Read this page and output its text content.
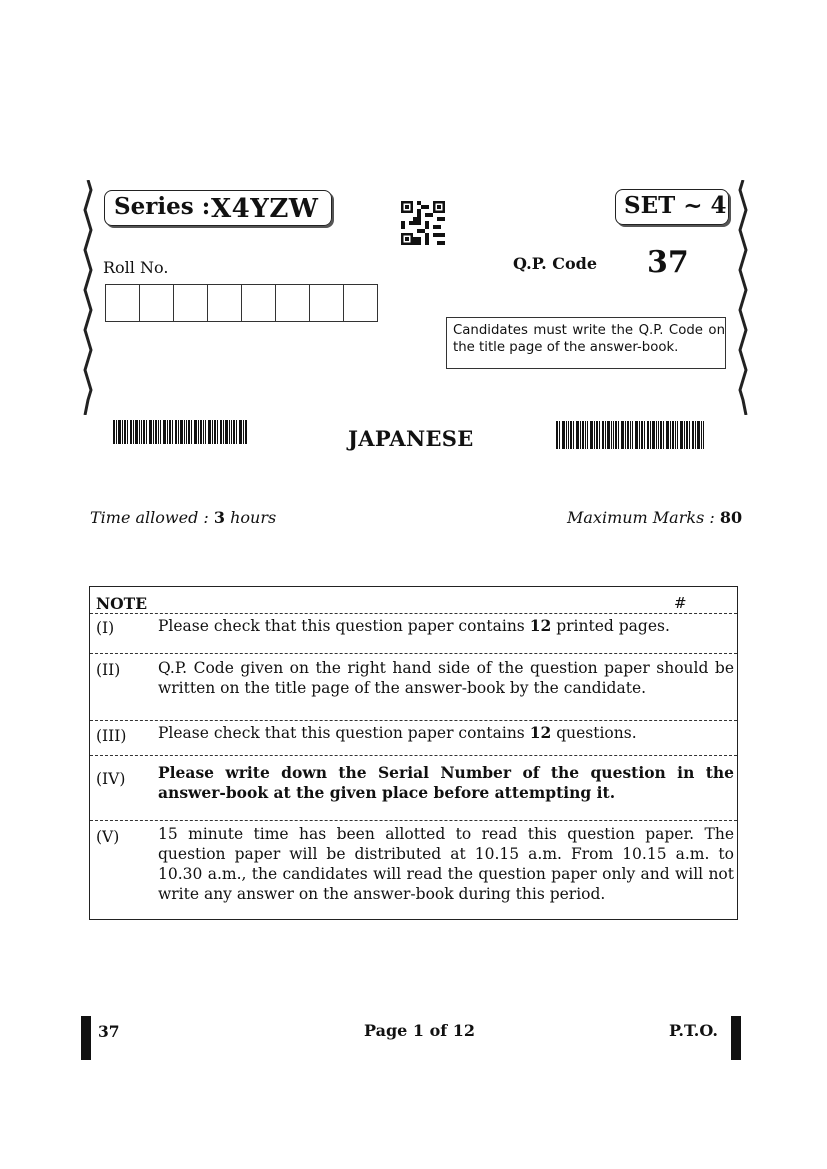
Series : X4YZW	SET ~ 4
Roll No.	Q.P. Code 37
Candidates must write the Q.P. Code on the title page of the answer-book.
JAPANESE
Time allowed : 3 hours	Maximum Marks : 80
NOTE	#
(I)	Please check that this question paper contains 12 printed pages.
(II) Q.P. Code given on the right hand side of the question paper should be written on the title page of the answer-book by the candidate.
(III) Please check that this question paper contains 12 questions.
(IV) Please write down the Serial Number of the question in the answer-book at the given place before attempting it.
(V) 15 minute time has been allotted to read this question paper. The question paper will be distributed at 10.15 a.m. From 10.15 a.m. to 10.30 a.m., the candidates will read the question paper only and will not write any answer on the answer-book during this period.
37	Page 1 of 12	P.T.O.
